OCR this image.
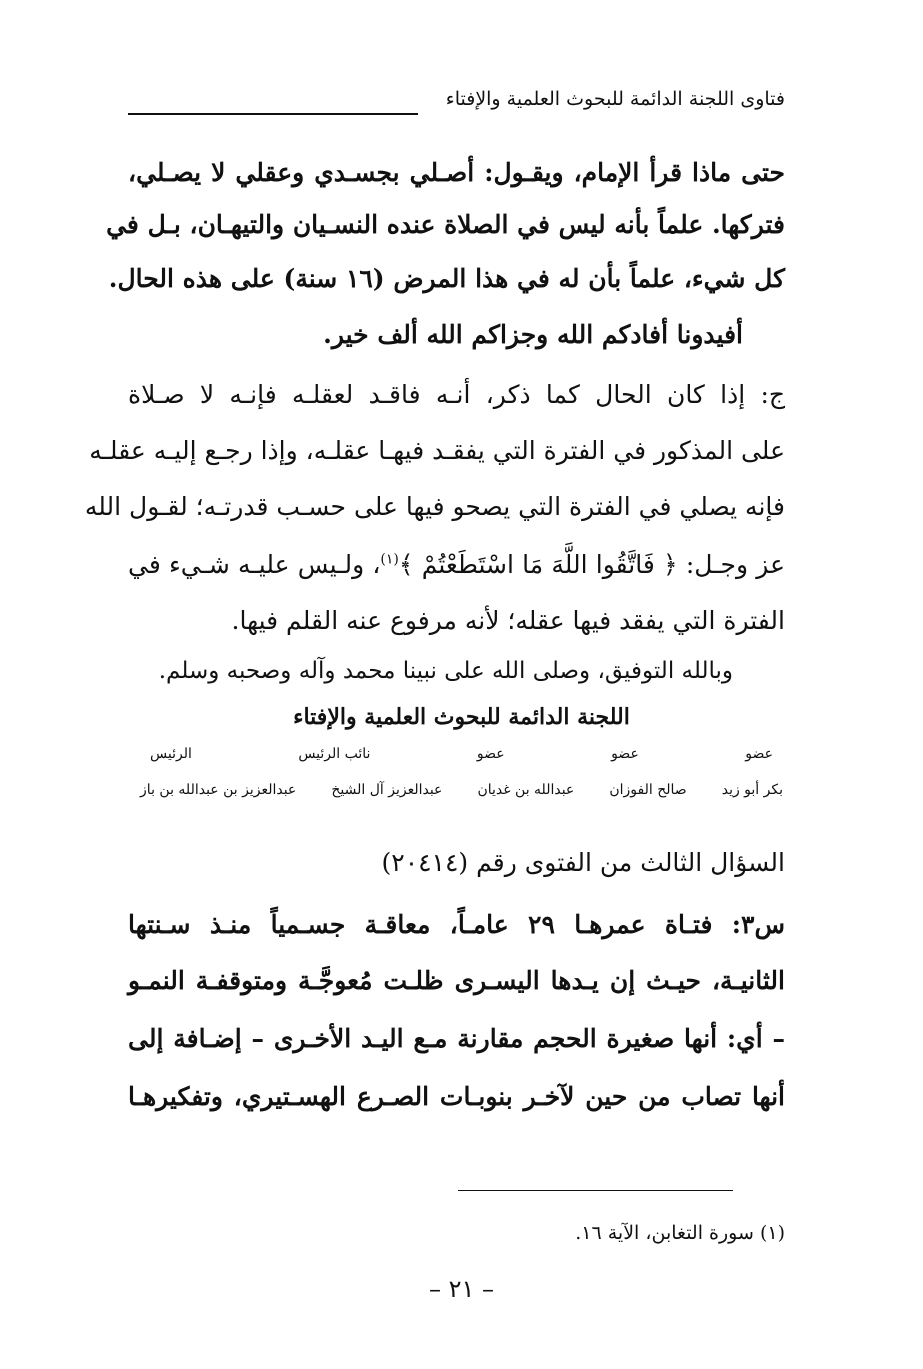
فتاوى اللجنة الدائمة للبحوث العلمية والإفتاء
حتى ماذا قرأ الإمام، ويقـول: أصـلي بجسـدي وعقلي لا يصـلي،
فتركها. علماً بأنه ليس في الصلاة عنده النسـيان والتيهـان، بـل في
كل شيء، علماً بأن له في هذا المرض (١٦ سنة) على هذه الحال.
أفيدونا أفادكم الله وجزاكم الله ألف خير.
ج: إذا كان الحال كما ذكر، أنـه فاقـد لعقلـه فإنـه لا صـلاة
على المذكور في الفترة التي يفقـد فيهـا عقلـه، وإذا رجـع إليـه عقلـه
فإنه يصلي في الفترة التي يصحو فيها على حسـب قدرتـه؛ لقـول الله
عز وجـل: ﴿ فَاتَّقُوا اللَّهَ مَا اسْتَطَعْتُمْ ﴾$^{(١)}$، ولـيس عليـه شـيء في
الفترة التي يفقد فيها عقله؛ لأنه مرفوع عنه القلم فيها.
وبالله التوفيق، وصلى الله على نبينا محمد وآله وصحبه وسلم.
اللجنة الدائمة للبحوث العلمية والإفتاء
عضو
عضو
عضو
نائب الرئيس
الرئيس
بكر أبو زيد
صالح الفوزان
عبدالله بن غديان
عبدالعزيز آل الشيخ
عبدالعزيز بن عبدالله بن باز
السؤال الثالث من الفتوى رقم (٢٠٤١٤)
س٣: فتـاة عمرهـا ٢٩ عامـاً، معاقـة جسـمياً منـذ سـنتها
الثانيـة، حيـث إن يـدها اليسـرى ظلـت مُعوجَّـة ومتوقفـة النمـو
– أي: أنها صغيرة الحجم مقارنة مـع اليـد الأخـرى – إضـافة إلى
أنها تصاب من حين لآخـر بنوبـات الصـرع الهسـتيري، وتفكيرهـا
(١) سورة التغابن، الآية ١٦.
– ٢١ –
